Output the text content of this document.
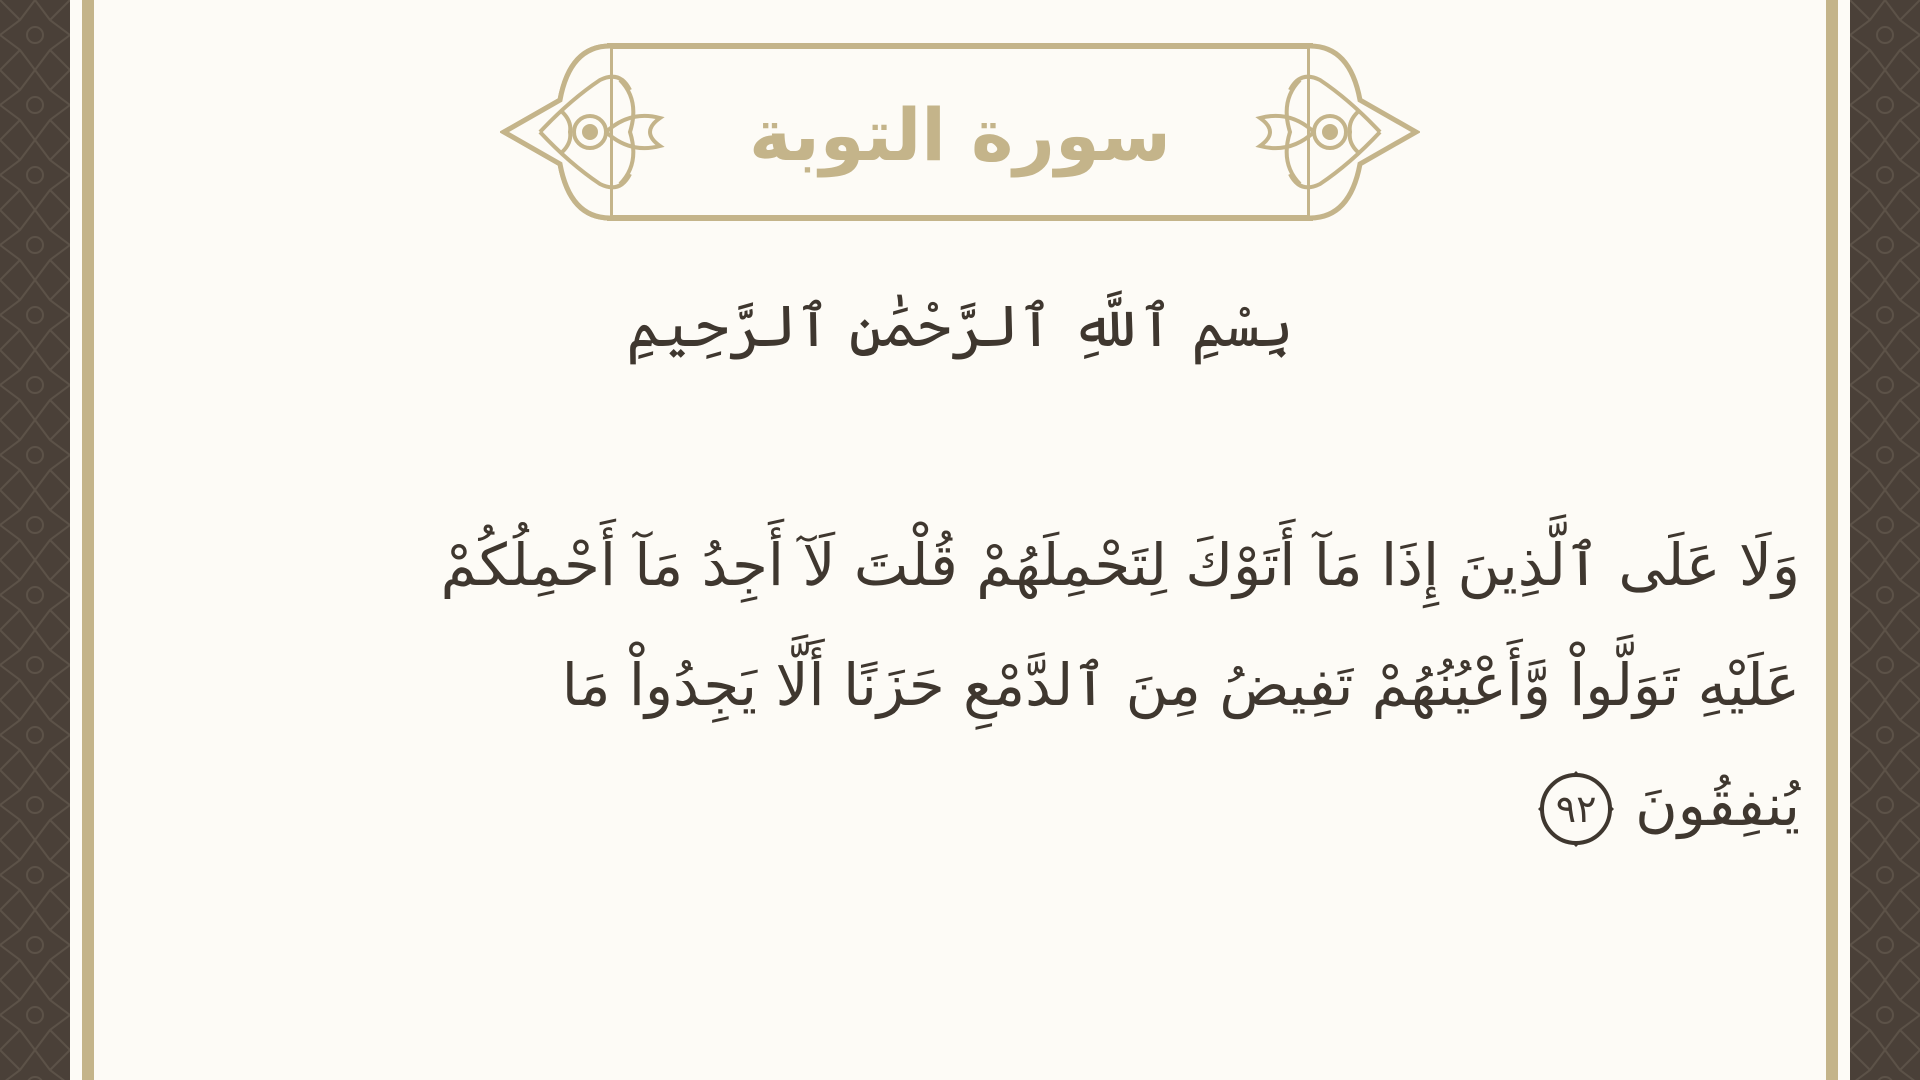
سورة التوبة
بِسْمِ ٱللَّهِ ٱلرَّحْمَٰنِ ٱلرَّحِيمِ
وَلَا عَلَى ٱلَّذِينَ إِذَا مَآ أَتَوْكَ لِتَحْمِلَهُمْ قُلْتَ لَآ أَجِدُ مَآ أَحْمِلُكُمْ عَلَيْهِ تَوَلَّواْ وَّأَعْيُنُهُمْ تَفِيضُ مِنَ ٱلدَّمْعِ حَزَنًا أَلَّا يَجِدُواْ مَا يُنفِقُونَ
٩٢
